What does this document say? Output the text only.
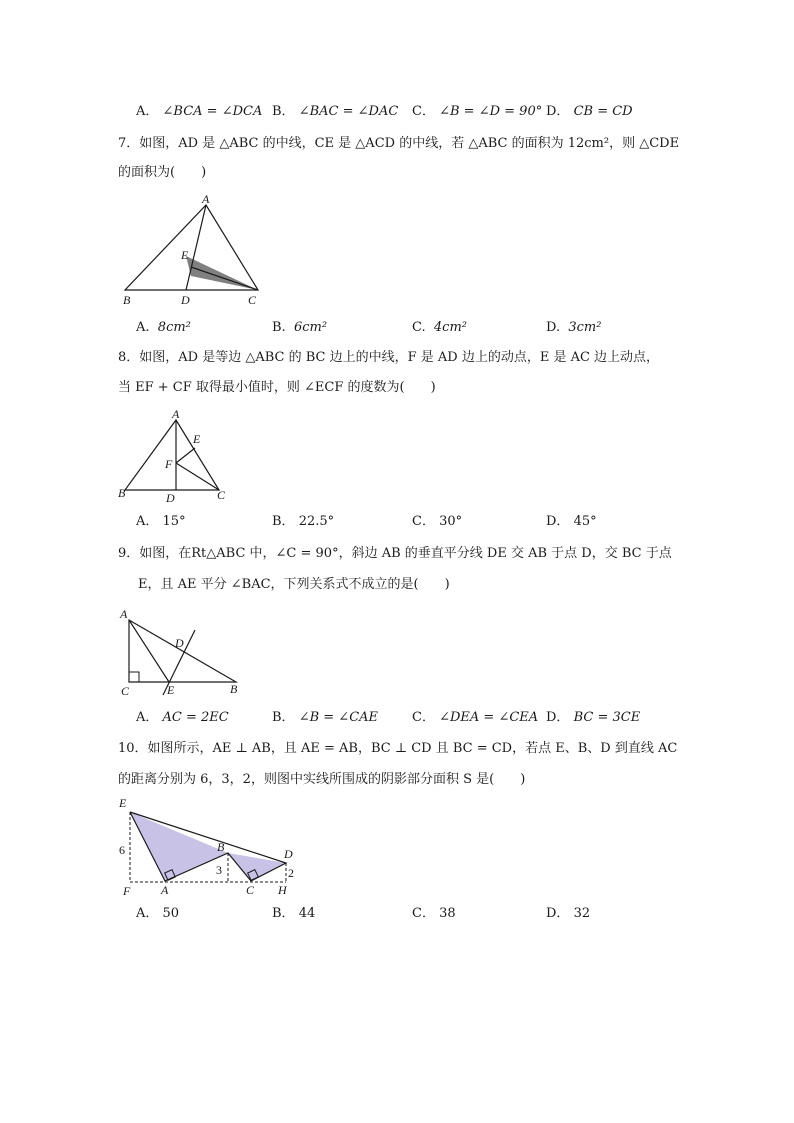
A． ∠BCA = ∠DCA B． ∠BAC = ∠DAC C． ∠B = ∠D = 90° D． CB = CD
7．如图，AD 是 △ABC 的中线，CE 是 △ACD 的中线，若 △ABC 的面积为 12cm²，则 △CDE
的面积为(　　)
A
B	D	C
E
A. 8cm²	B. 6cm²	C. 4cm²	D. 3cm²
8．如图，AD 是等边 △ABC 的 BC 边上的中线，F 是 AD 边上的动点，E 是 AC 边上动点，
当 EF + CF 取得最小值时，则 ∠ECF 的度数为(　　)
A
B	D	C
E
F
A． 15°	B． 22.5°	C． 30°	D． 45°
9．如图，在Rt△ABC 中，∠C = 90°，斜边 AB 的垂直平分线 DE 交 AB 于点 D，交 BC 于点
E，且 AE 平分 ∠BAC，下列关系式不成立的是(　　)
A
C	E	B
D
A． AC = 2EC	B． ∠B = ∠CAE	C． ∠DEA = ∠CEA D． BC = 3CE
10．如图所示，AE ⊥ AB，且 AE = AB，BC ⊥ CD 且 BC = CD，若点 E、B、D 到直线 AC
的距离分别为 6，3，2，则图中实线所围成的阴影部分面积 S 是(　　)
E
B	D
F	A	C H
6
3	2
A． 50	B． 44	C． 38	D． 32
